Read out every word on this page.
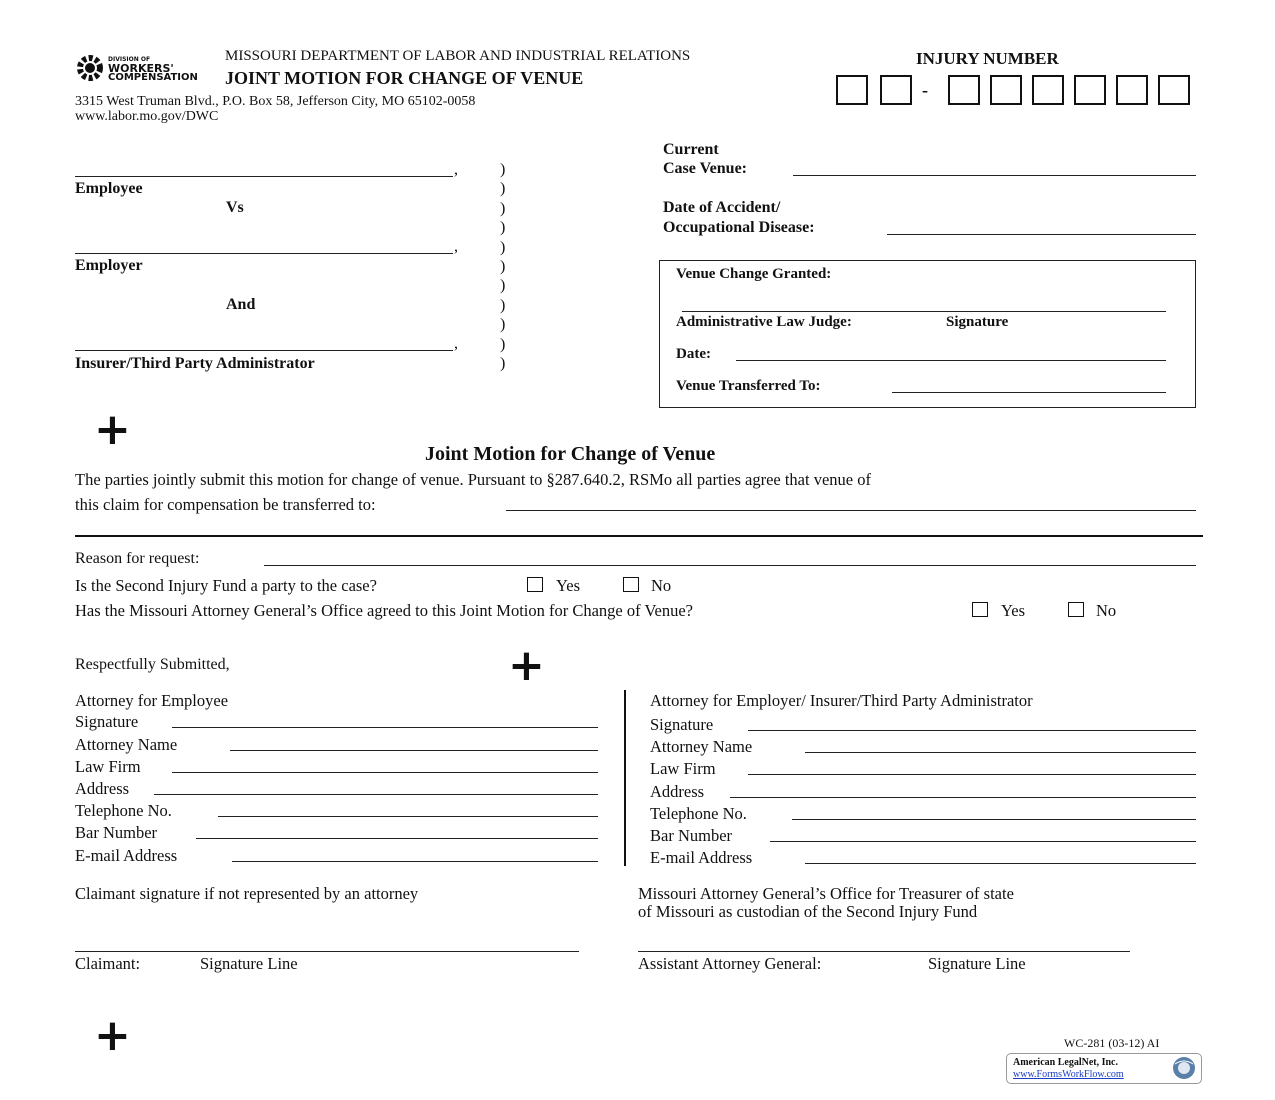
DIVISION OF
WORKERS'
COMPENSATION
MISSOURI DEPARTMENT OF LABOR AND INDUSTRIAL RELATIONS
JOINT MOTION FOR CHANGE OF VENUE
3315 West Truman Blvd., P.O. Box 58, Jefferson City, MO 65102-0058
www.labor.mo.gov/DWC
INJURY NUMBER
-
,
Employee
Vs
,
Employer
And
,
Insurer/Third Party Administrator
)
)
)
)
)
)
)
)
)
)
)
Current
Case Venue:
Date of Accident/
Occupational Disease:
Venue Change Granted:
Administrative Law Judge:	Signature
Date:
Venue Transferred To:
+	Joint Motion for Change of Venue
The parties jointly submit this motion for change of venue. Pursuant to §287.640.2, RSMo all parties agree that venue of
this claim for compensation be transferred to:
Reason for request:
Is the Second Injury Fund a party to the case?	Yes	No
Has the Missouri Attorney General’s Office agreed to this Joint Motion for Change of Venue?	Yes	No
Respectfully Submitted,	+
Attorney for Employee
Signature
Attorney Name
Law Firm
Address
Telephone No.
Bar Number
E-mail Address
Attorney for Employer/ Insurer/Third Party Administrator
Signature
Attorney Name
Law Firm
Address
Telephone No.
Bar Number
E-mail Address
Claimant signature if not represented by an attorney
Claimant:	Signature Line
Missouri Attorney General’s Office for Treasurer of state
of Missouri as custodian of the Second Injury Fund
Assistant Attorney General:	Signature Line
+	WC-281 (03-12) AI
American LegalNet, Inc.
www.FormsWorkFlow.com
